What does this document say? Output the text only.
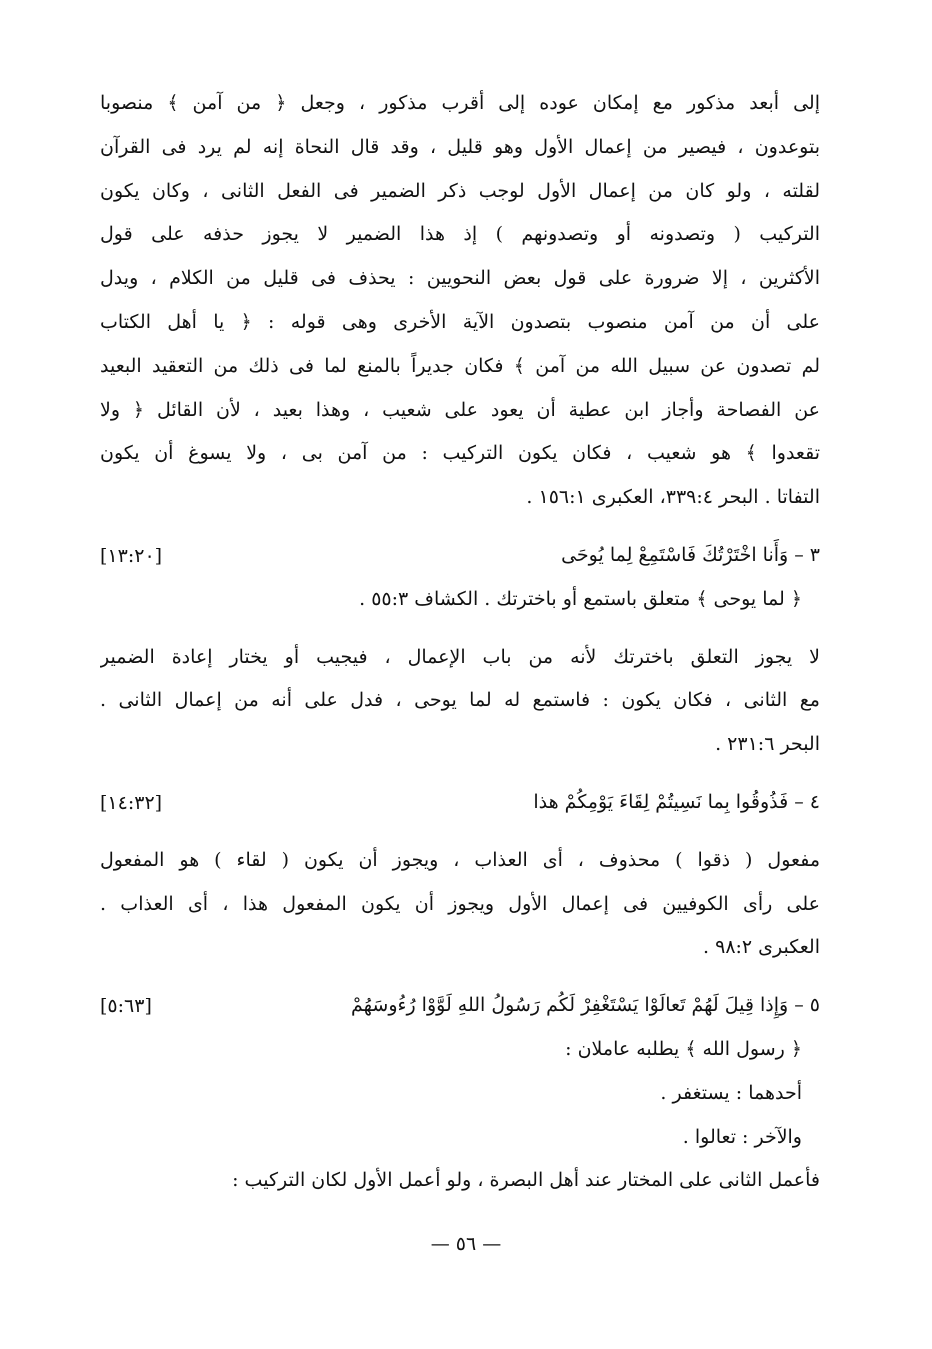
إلى أبعد مذكور مع إمكان عوده إلى أقرب مذكور ، وجعل ﴿ من آمن ﴾ منصوبا
بتوعدون ، فيصير من إعمال الأول وهو قليل ، وقد قال النحاة إنه لم يرد فى القرآن
لقلته ، ولو كان من إعمال الأول لوجب ذكر الضمير فى الفعل الثانى ، وكان يكون
التركيب ( وتصدونه أو وتصدونهم ) إذ هذا الضمير لا يجوز حذفه على قول
الأكثرين ، إلا ضرورة على قول بعض النحويين : يحذف فى قليل من الكلام ، ويدل
على أن من آمن منصوب بتصدون الآية الأخرى وهى قوله : ﴿ يا أهل الكتاب
لم تصدون عن سبيل الله من آمن ﴾ فكان جديراً بالمنع لما فى ذلك من التعقيد البعيد
عن الفصاحة وأجاز ابن عطية أن يعود على شعيب ، وهذا بعيد ، لأن القائل ﴿ ولا
تقعدوا ﴾ هو شعيب ، فكان يكون التركيب : من آمن بى ، ولا يسوغ أن يكون
التفاتا . البحر ٣٣٩:٤، العكبرى ١٥٦:١ .
٣ – وَأَنا اخْتَرْتُكَ فَاسْتَمِعْ لِما يُوحَى
[١٣:٢٠]
﴿ لما يوحى ﴾ متعلق باستمع أو باخترتك . الكشاف ٥٥:٣ .
لا يجوز التعلق باخترتك لأنه من باب الإعمال ، فيجيب أو يختار إعادة الضمير
مع الثانى ، فكان يكون : فاستمع له لما يوحى ، فدل على أنه من إعمال الثانى .
البحر ٢٣١:٦ .
٤ – فَذُوقُوا بِما نَسِيتُمْ لِقَاءَ يَوْمِكُمْ هذا
[١٤:٣٢]
مفعول ( ذقوا ) محذوف ، أى العذاب ، ويجوز أن يكون ( لقاء ) هو المفعول
على رأى الكوفيين فى إعمال الأول ويجوز أن يكون المفعول هذا ، أى العذاب .
العكبرى ٩٨:٢ .
٥ – وَإِذا قِيلَ لَهُمْ تَعالَوْا يَسْتَغْفِرْ لَكُم رَسُولُ اللهِ لَوَّوْا رُءُوسَهُمْ
[٥:٦٣]
﴿ رسول الله ﴾ يطلبه عاملان :
أحدهما : يستغفر .
والآخر : تعالوا .
فأعمل الثانى على المختار عند أهل البصرة ، ولو أعمل الأول لكان التركيب :
— ٥٦ —
